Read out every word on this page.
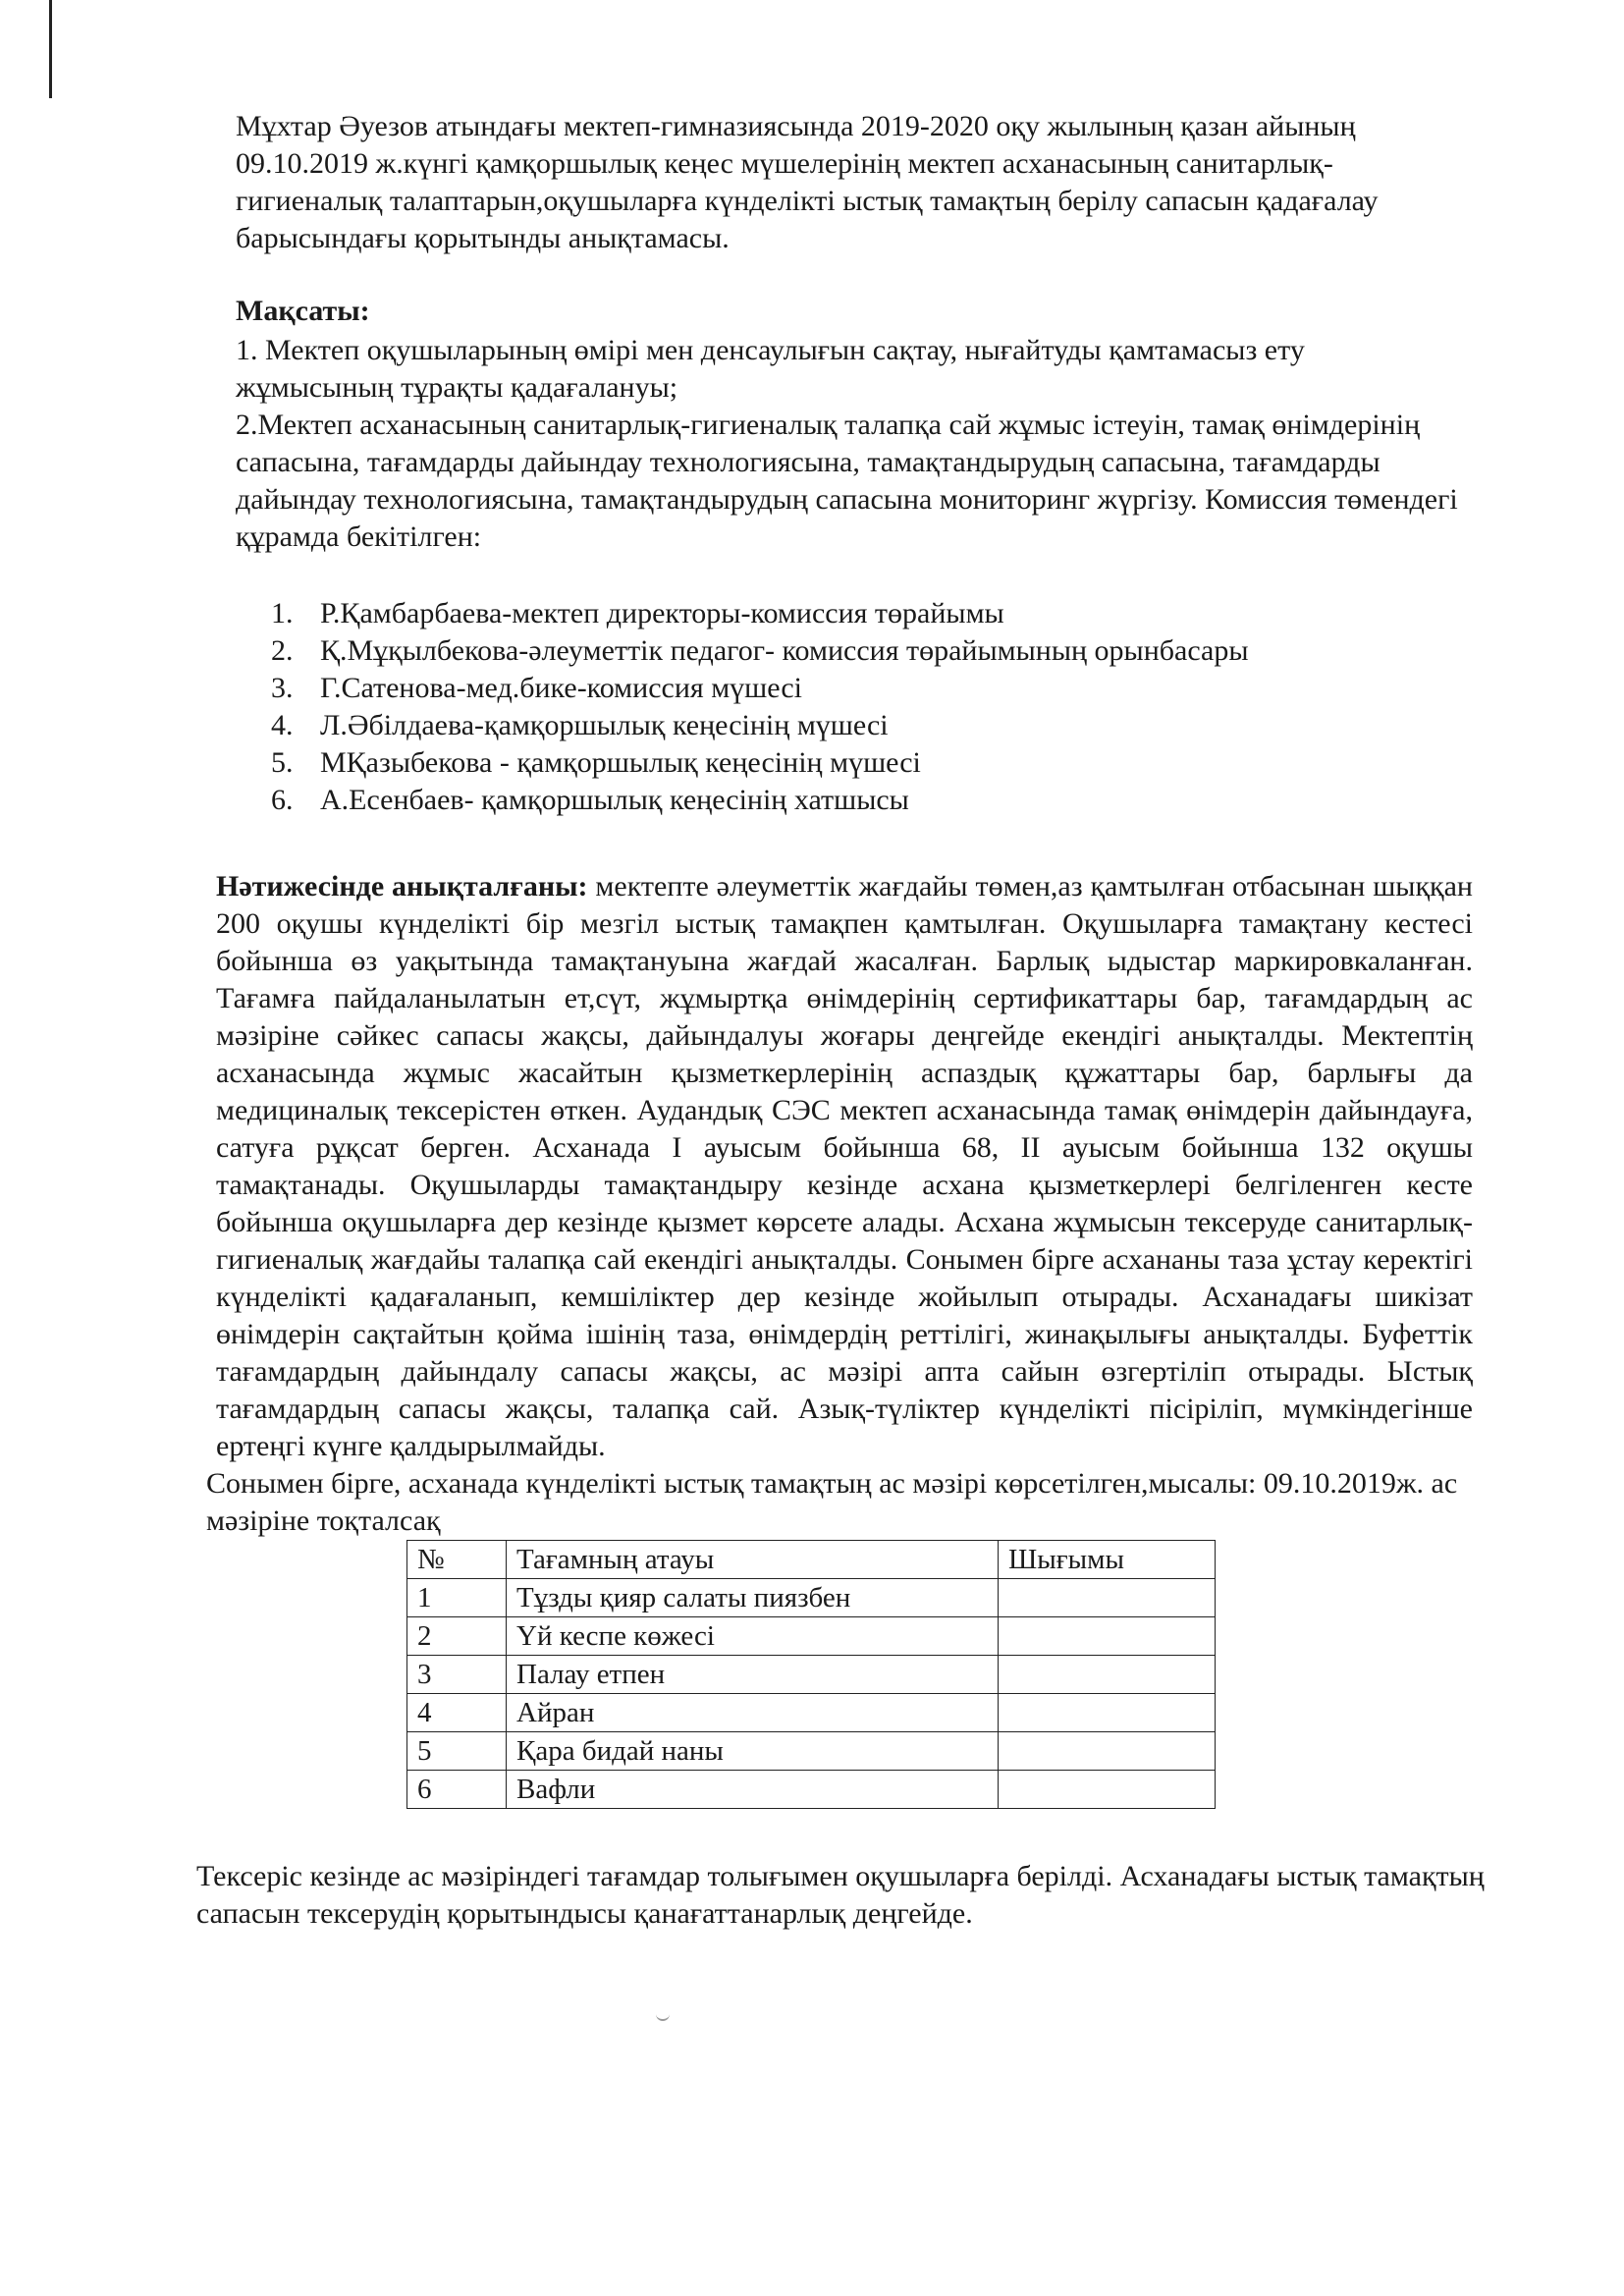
Мұхтар Әуезов атындағы мектеп-гимназиясында 2019-2020 оқу жылының қазан айының 09.10.2019 ж.күнгі қамқоршылық кеңес мүшелерінің мектеп асханасының санитарлық-гигиеналық талаптарын,оқушыларға күнделікті ыстық тамақтың берілу сапасын қадағалау барысындағы қорытынды анықтамасы.

Мақсаты:
1. Мектеп оқушыларының өмірі мен денсаулығын сақтау, нығайтуды қамтамасыз ету жұмысының тұрақты қадағалануы;
2.Мектеп асханасының санитарлық-гигиеналық талапқа сай жұмыс істеуін, тамақ өнімдерінің сапасына, тағамдарды дайындау технологиясына, тамақтандырудың сапасына, тағамдарды дайындау технологиясына, тамақтандырудың сапасына мониторинг жүргізу. Комиссия төмендегі құрамда бекітілген:
1. Р.Қамбарбаева-мектеп директоры-комиссия төрайымы
2. Қ.Мұқылбекова-әлеуметтік педагог- комиссия төрайымының орынбасары
3. Г.Сатенова-мед.бике-комиссия мүшесі
4. Л.Әбілдаева-қамқоршылық кеңесінің мүшесі
5. МҚазыбекова - қамқоршылық кеңесінің мүшесі
6. А.Есенбаев- қамқоршылық кеңесінің хатшысы

Нәтижесінде анықталғаны: мектепте әлеуметтік жағдайы төмен,аз қамтылған отбасынан шыққан 200 оқушы күнделікті бір мезгіл ыстық тамақпен қамтылған. Оқушыларға тамақтану кестесі бойынша өз уақытында тамақтануына жағдай жасалған. Барлық ыдыстар маркировкаланған. Тағамға пайдаланылатын ет,сүт, жұмыртқа өнімдерінің сертификаттары бар, тағамдардың ас мәзіріне сәйкес сапасы жақсы, дайындалуы жоғары деңгейде екендігі анықталды. Мектептің асханасында жұмыс жасайтын қызметкерлерінің аспаздық құжаттары бар, барлығы да медициналық тексерістен өткен. Аудандық СЭС мектеп асханасында тамақ өнімдерін дайындауға, сатуға рұқсат берген. Асханада I ауысым бойынша 68, II ауысым бойынша 132 оқушы тамақтанады. Оқушыларды тамақтандыру кезінде асхана қызметкерлері белгіленген кесте бойынша оқушыларға дер кезінде қызмет көрсете алады. Асхана жұмысын тексеруде санитарлық-гигиеналық жағдайы талапқа сай екендігі анықталды. Сонымен бірге асхананы таза ұстау керектігі күнделікті қадағаланып, кемшіліктер дер кезінде жойылып отырады. Асханадағы шикізат өнімдерін сақтайтын қойма ішінің таза, өнімдердің реттілігі, жинақылығы анықталды. Буфеттік тағамдардың дайындалу сапасы жақсы, ас мәзірі апта сайын өзгертіліп отырады. Ыстық тағамдардың сапасы жақсы, талапқа сай. Азық-түліктер күнделікті пісіріліп, мүмкіндегінше ертеңгі күнге қалдырылмайды.

Сонымен бірге, асханада күнделікті ыстық тамақтың ас мәзірі көрсетілген,мысалы: 09.10.2019ж. ас мәзіріне тоқталсақ
№	Тағамның атауы	Шығымы
1	Тұзды қияр салаты пиязбен	
2	Үй кеспе көжесі	
3	Палау етпен	
4	Айран	
5	Қара бидай наны	
6	Вафли	

Тексеріс кезінде ас мәзіріндегі тағамдар толығымен оқушыларға берілді. Асханадағы ыстық тамақтың сапасын тексерудің қорытындысы қанағаттанарлық деңгейде.
